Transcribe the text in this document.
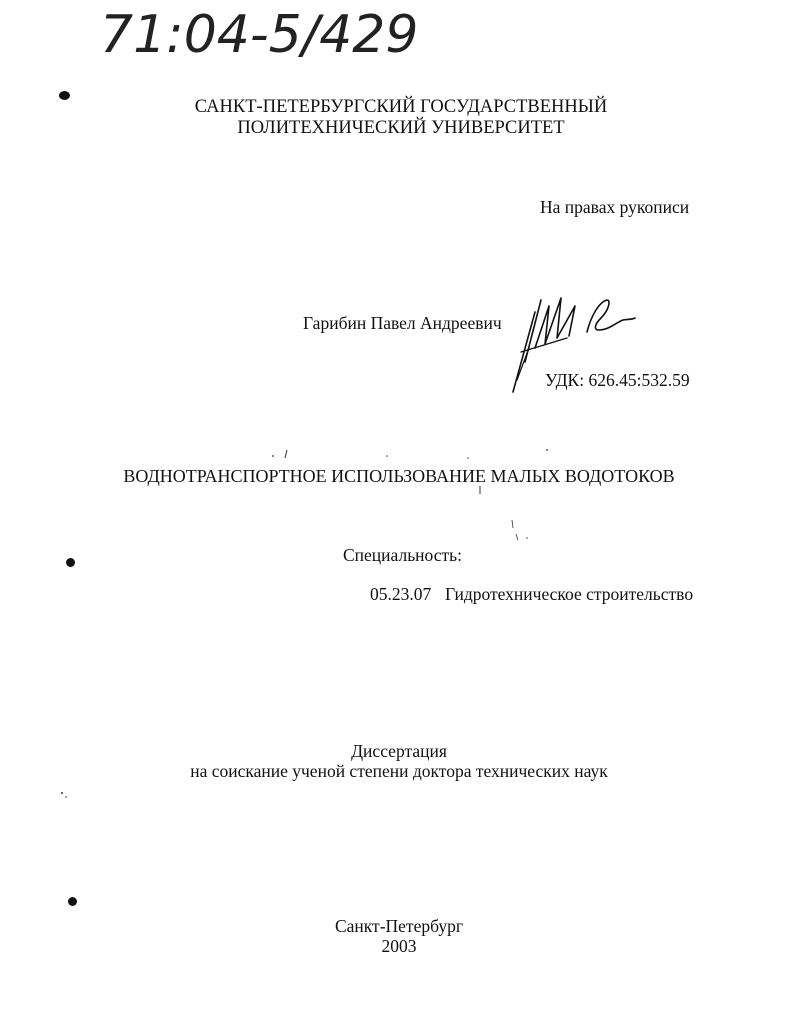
71:04-5/429
САНКТ-ПЕТЕРБУРГСКИЙ ГОСУДАРСТВЕННЫЙ
ПОЛИТЕХНИЧЕСКИЙ УНИВЕРСИТЕТ
На правах рукописи
Гарибин Павел Андреевич
УДК: 626.45:532.59
ВОДНОТРАНСПОРТНОЕ ИСПОЛЬЗОВАНИЕ МАЛЫХ ВОДОТОКОВ
Специальность:
05.23.07 Гидротехническое строительство
Диссертация
на соискание ученой степени доктора технических наук
Санкт-Петербург
2003
